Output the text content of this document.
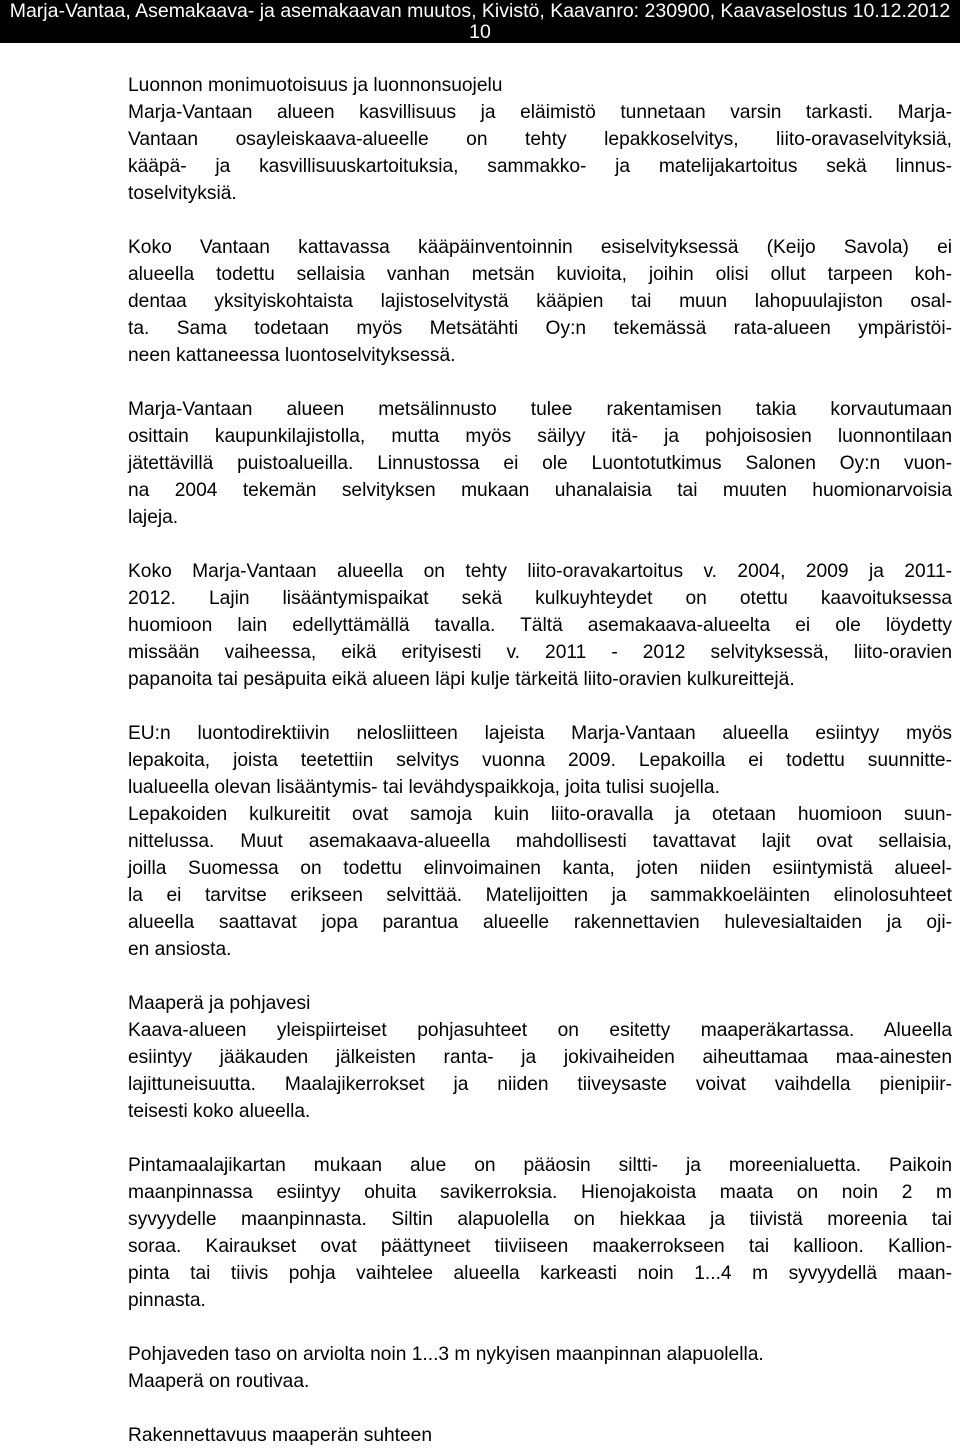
Marja-Vantaa, Asemakaava- ja asemakaavan muutos, Kivistö, Kaavanro: 230900, Kaavaselostus 10.12.2012
10
Luonnon monimuotoisuus ja luonnonsuojelu
Marja-Vantaan alueen kasvillisuus ja eläimistö tunnetaan varsin tarkasti. Marja-
Vantaan osayleiskaava-alueelle on tehty lepakkoselvitys, liito-oravaselvityksiä,
kääpä- ja kasvillisuuskartoituksia, sammakko- ja matelijakartoitus sekä linnus-
toselvityksiä.
Koko Vantaan kattavassa kääpäinventoinnin esiselvityksessä (Keijo Savola) ei
alueella todettu sellaisia vanhan metsän kuvioita, joihin olisi ollut tarpeen koh-
dentaa yksityiskohtaista lajistoselvitystä kääpien tai muun lahopuulajiston osal-
ta. Sama todetaan myös Metsätähti Oy:n tekemässä rata-alueen ympäristöi-
neen kattaneessa luontoselvityksessä.
Marja-Vantaan alueen metsälinnusto tulee rakentamisen takia korvautumaan
osittain kaupunkilajistolla, mutta myös säilyy itä- ja pohjoisosien luonnontilaan
jätettävillä puistoalueilla. Linnustossa ei ole Luontotutkimus Salonen Oy:n vuon-
na 2004 tekemän selvityksen mukaan uhanalaisia tai muuten huomionarvoisia
lajeja.
Koko Marja-Vantaan alueella on tehty liito-oravakartoitus v. 2004, 2009 ja 2011-
2012. Lajin lisääntymispaikat sekä kulkuyhteydet on otettu kaavoituksessa
huomioon lain edellyttämällä tavalla. Tältä asemakaava-alueelta ei ole löydetty
missään vaiheessa, eikä erityisesti v. 2011 - 2012 selvityksessä, liito-oravien
papanoita tai pesäpuita eikä alueen läpi kulje tärkeitä liito-oravien kulkureittejä.
EU:n luontodirektiivin nelosliitteen lajeista Marja-Vantaan alueella esiintyy myös
lepakoita, joista teetettiin selvitys vuonna 2009. Lepakoilla ei todettu suunnitte-
lualueella olevan lisääntymis- tai levähdyspaikkoja, joita tulisi suojella.
Lepakoiden kulkureitit ovat samoja kuin liito-oravalla ja otetaan huomioon suun-
nittelussa. Muut asemakaava-alueella mahdollisesti tavattavat lajit ovat sellaisia,
joilla Suomessa on todettu elinvoimainen kanta, joten niiden esiintymistä alueel-
la ei tarvitse erikseen selvittää. Matelijoitten ja sammakkoeläinten elinolosuhteet
alueella saattavat jopa parantua alueelle rakennettavien hulevesialtaiden ja oji-
en ansiosta.
Maaperä ja pohjavesi
Kaava-alueen yleispiirteiset pohjasuhteet on esitetty maaperäkartassa. Alueella
esiintyy jääkauden jälkeisten ranta- ja jokivaiheiden aiheuttamaa maa-ainesten
lajittuneisuutta. Maalajikerrokset ja niiden tiiveysaste voivat vaihdella pienipiir-
teisesti koko alueella.
Pintamaalajikartan mukaan alue on pääosin siltti- ja moreenialuetta. Paikoin
maanpinnassa esiintyy ohuita savikerroksia. Hienojakoista maata on noin 2 m
syvyydelle maanpinnasta. Siltin alapuolella on hiekkaa ja tiivistä moreenia tai
soraa. Kairaukset ovat päättyneet tiiviiseen maakerrokseen tai kallioon. Kallion-
pinta tai tiivis pohja vaihtelee alueella karkeasti noin 1...4 m syvyydellä maan-
pinnasta.
Pohjaveden taso on arviolta noin 1...3 m nykyisen maanpinnan alapuolella.
Maaperä on routivaa.
Rakennettavuus maaperän suhteen
